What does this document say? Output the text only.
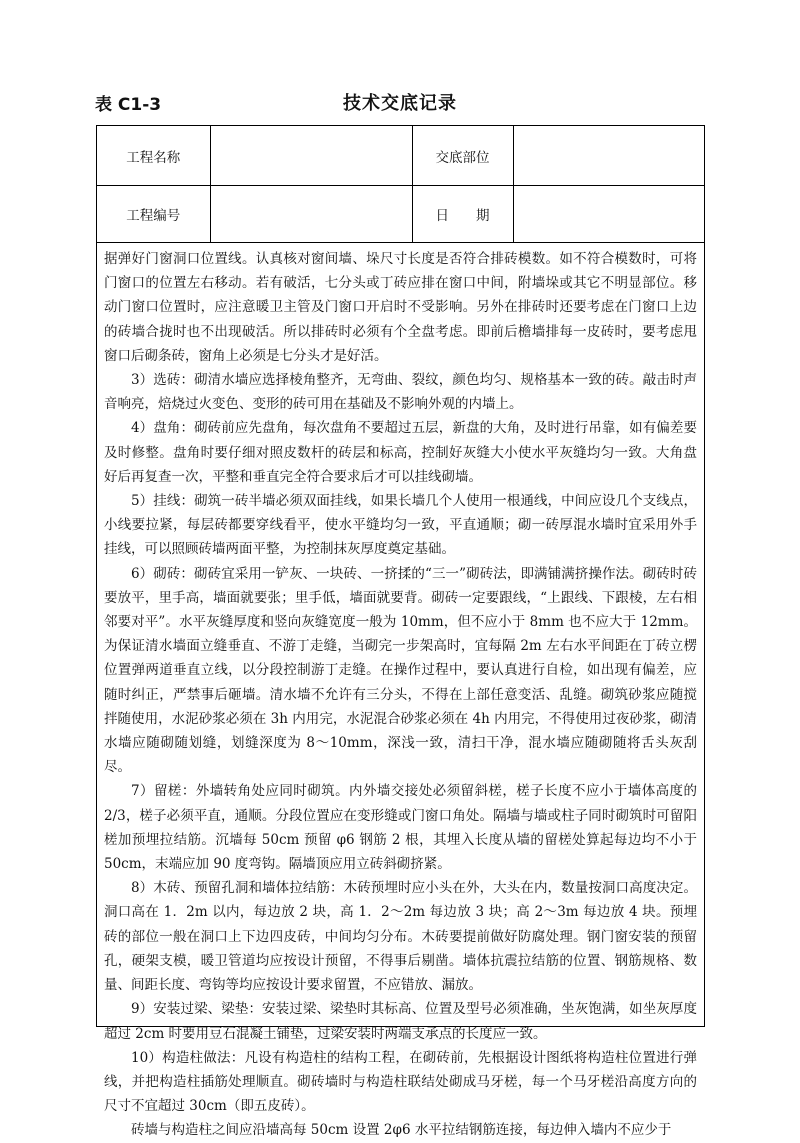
表 C1-3	技术交底记录
工程名称		交底部位	
工程编号		日　　期	

据弹好门窗洞口位置线。认真核对窗间墙、垛尺寸长度是否符合排砖模数。如不符合模数时，可将门窗口的位置左右移动。若有破活，七分头或丁砖应排在窗口中间，附墙垛或其它不明显部位。移动门窗口位置时，应注意暖卫主管及门窗口开启时不受影响。另外在排砖时还要考虑在门窗口上边的砖墙合拢时也不出现破活。所以排砖时必须有个全盘考虑。即前后檐墙排每一皮砖时，要考虑甩窗口后砌条砖，窗角上必须是七分头才是好活。

3）选砖：砌清水墙应选择棱角整齐，无弯曲、裂纹，颜色均匀、规格基本一致的砖。敲击时声音响亮，焙烧过火变色、变形的砖可用在基础及不影响外观的内墙上。

4）盘角：砌砖前应先盘角，每次盘角不要超过五层，新盘的大角，及时进行吊靠，如有偏差要及时修整。盘角时要仔细对照皮数杆的砖层和标高，控制好灰缝大小使水平灰缝均匀一致。大角盘好后再复查一次，平整和垂直完全符合要求后才可以挂线砌墙。

5）挂线：砌筑一砖半墙必须双面挂线，如果长墙几个人使用一根通线，中间应设几个支线点，小线要拉紧，每层砖都要穿线看平，使水平缝均匀一致，平直通顺；砌一砖厚混水墙时宜采用外手挂线，可以照顾砖墙两面平整，为控制抹灰厚度奠定基础。

6）砌砖：砌砖宜采用一铲灰、一块砖、一挤揉的“三一”砌砖法，即满铺满挤操作法。砌砖时砖要放平，里手高，墙面就要张；里手低，墙面就要背。砌砖一定要跟线，“上跟线、下跟棱，左右相邻要对平”。水平灰缝厚度和竖向灰缝宽度一般为 10mm，但不应小于 8mm 也不应大于 12mm。为保证清水墙面立缝垂直、不游丁走缝，当砌完一步架高时，宜每隔 2m 左右水平间距在丁砖立楞位置弹两道垂直立线，以分段控制游丁走缝。在操作过程中，要认真进行自检，如出现有偏差，应随时纠正，严禁事后砸墙。清水墙不允许有三分头，不得在上部任意变活、乱缝。砌筑砂浆应随搅拌随使用，水泥砂浆必须在 3h 内用完，水泥混合砂浆必须在 4h 内用完，不得使用过夜砂浆，砌清水墙应随砌随划缝，划缝深度为 8～10mm，深浅一致，清扫干净，混水墙应随砌随将舌头灰刮尽。

7）留槎：外墙转角处应同时砌筑。内外墙交接处必须留斜槎，槎子长度不应小于墙体高度的 2/3，槎子必须平直，通顺。分段位置应在变形缝或门窗口角处。隔墙与墙或柱子同时砌筑时可留阳槎加预埋拉结筋。沉墙每 50cm 预留 φ6 钢筋 2 根，其埋入长度从墙的留槎处算起每边均不小于 50cm，末端应加 90 度弯钩。隔墙顶应用立砖斜砌挤紧。

8）木砖、预留孔洞和墙体拉结筋：木砖预埋时应小头在外，大头在内，数量按洞口高度决定。洞口高在 1．2m 以内，每边放 2 块，高 1．2～2m 每边放 3 块；高 2～3m 每边放 4 块。预埋砖的部位一般在洞口上下边四皮砖，中间均匀分布。木砖要提前做好防腐处理。钢门窗安装的预留孔，硬架支模，暖卫管道均应按设计预留，不得事后剔凿。墙体抗震拉结筋的位置、钢筋规格、数量、间距长度、弯钩等均应按设计要求留置，不应错放、漏放。

9）安装过梁、梁垫：安装过梁、梁垫时其标高、位置及型号必须准确，坐灰饱满，如坐灰厚度超过 2cm 时要用豆石混凝土铺垫，过梁安装时两端支承点的长度应一致。

10）构造柱做法：凡设有构造柱的结构工程，在砌砖前，先根据设计图纸将构造柱位置进行弹线，并把构造柱插筋处理顺直。砌砖墙时与构造柱联结处砌成马牙槎，每一个马牙槎沿高度方向的尺寸不宜超过 30cm（即五皮砖）。

砖墙与构造柱之间应沿墙高每 50cm 设置 2φ6 水平拉结钢筋连接，每边伸入墙内不应少于
